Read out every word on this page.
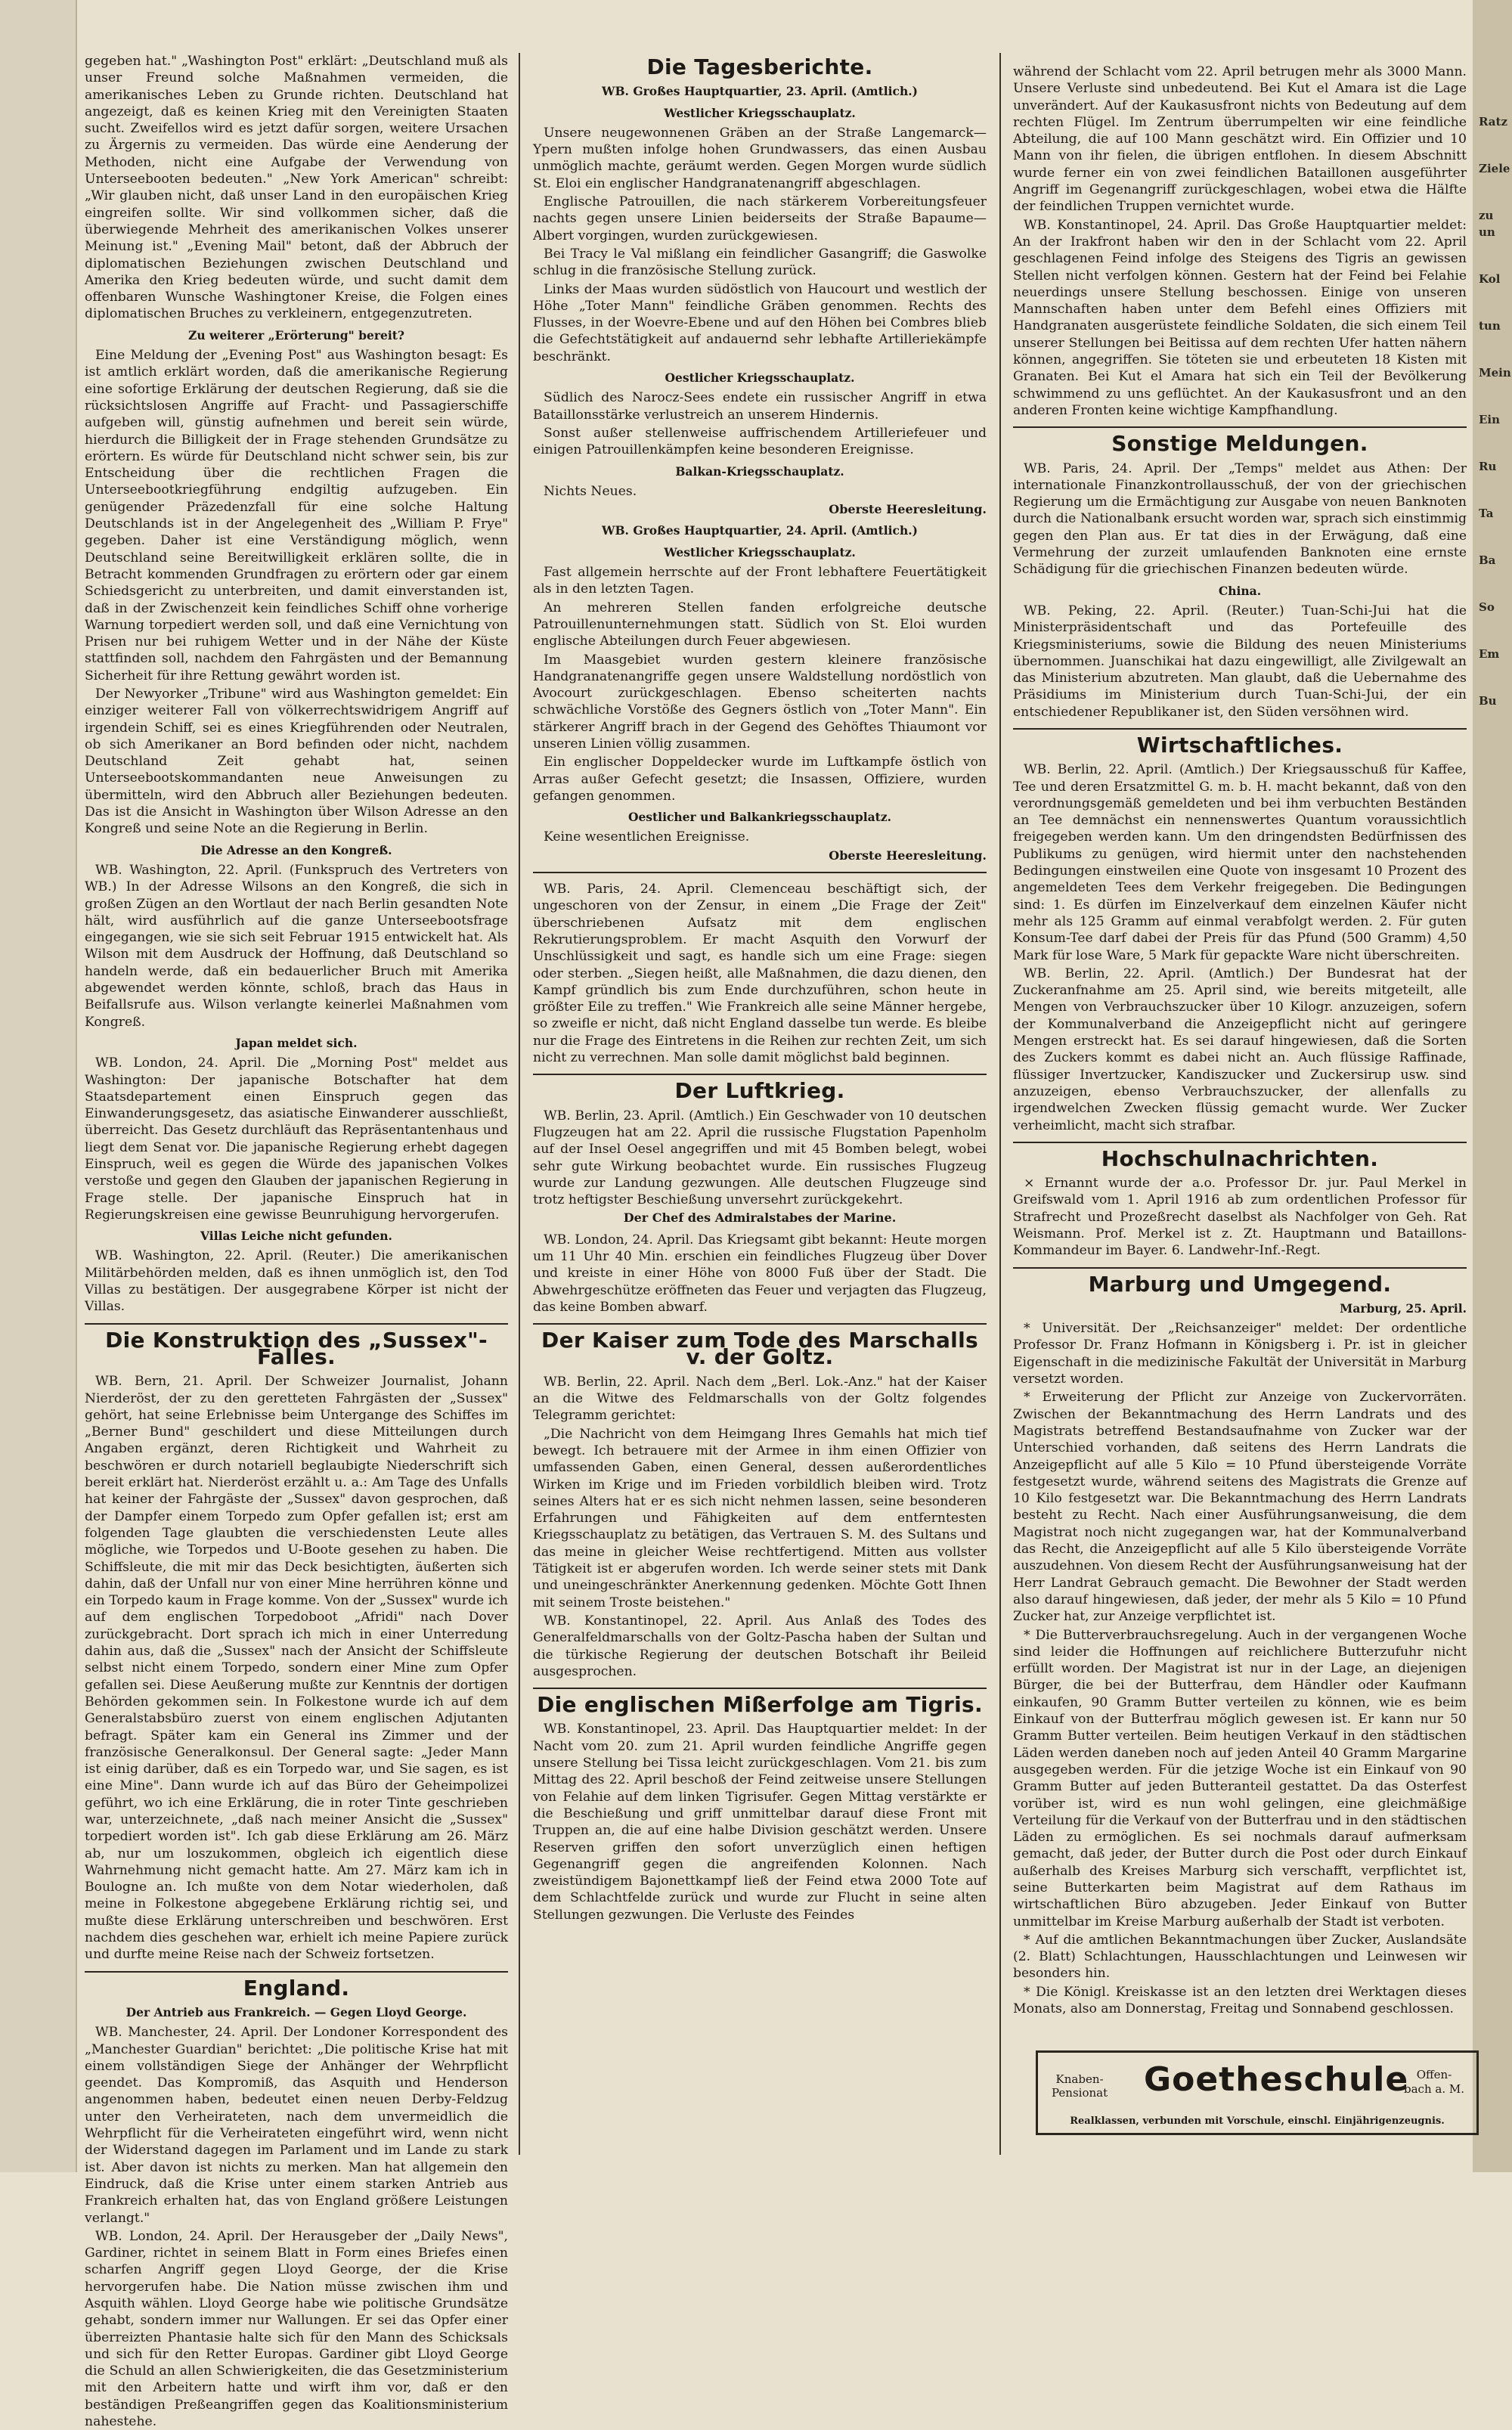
Ratz
Ziele
zu un
Kol
tun
Mein
Ein
Ru
Ta
Ba
So
Em
Bu

gegeben hat." „Washington Post" erklärt: „Deutschland muß als unser Freund solche Maßnahmen vermeiden, die amerikanisches Leben zu Grunde richten. Deutschland hat angezeigt, daß es keinen Krieg mit den Vereinigten Staaten sucht. Zweifellos wird es jetzt dafür sorgen, weitere Ursachen zu Ärgernis zu vermeiden. Das würde eine Aenderung der Methoden, nicht eine Aufgabe der Verwendung von Unterseebooten bedeuten." „New York American" schreibt: „Wir glauben nicht, daß unser Land in den europäischen Krieg eingreifen sollte. Wir sind vollkommen sicher, daß die überwiegende Mehrheit des amerikanischen Volkes unserer Meinung ist." „Evening Mail" betont, daß der Abbruch der diplomatischen Beziehungen zwischen Deutschland und Amerika den Krieg bedeuten würde, und sucht damit dem offenbaren Wunsche Washingtoner Kreise, die Folgen eines diplomatischen Bruches zu verkleinern, entgegenzutreten.

Zu weiterer „Erörterung" bereit?

Eine Meldung der „Evening Post" aus Washington besagt: Es ist amtlich erklärt worden, daß die amerikanische Regierung eine sofortige Erklärung der deutschen Regierung, daß sie die rücksichtslosen Angriffe auf Fracht- und Passagierschiffe aufgeben will, günstig aufnehmen und bereit sein würde, hierdurch die Billigkeit der in Frage stehenden Grundsätze zu erörtern. Es würde für Deutschland nicht schwer sein, bis zur Entscheidung über die rechtlichen Fragen die Unterseebootkriegführung endgiltig aufzugeben. Ein genügender Präzedenzfall für eine solche Haltung Deutschlands ist in der Angelegenheit des „William P. Frye" gegeben. Daher ist eine Verständigung möglich, wenn Deutschland seine Bereitwilligkeit erklären sollte, die in Betracht kommenden Grundfragen zu erörtern oder gar einem Schiedsgericht zu unterbreiten, und damit einverstanden ist, daß in der Zwischenzeit kein feindliches Schiff ohne vorherige Warnung torpediert werden soll, und daß eine Vernichtung von Prisen nur bei ruhigem Wetter und in der Nähe der Küste stattfinden soll, nachdem den Fahrgästen und der Bemannung Sicherheit für ihre Rettung gewährt worden ist.

Der Newyorker „Tribune" wird aus Washington gemeldet: Ein einziger weiterer Fall von völkerrechtswidrigem Angriff auf irgendein Schiff, sei es eines Kriegführenden oder Neutralen, ob sich Amerikaner an Bord befinden oder nicht, nachdem Deutschland Zeit gehabt hat, seinen Unterseebootskommandanten neue Anweisungen zu übermitteln, wird den Abbruch aller Beziehungen bedeuten. Das ist die Ansicht in Washington über Wilson Adresse an den Kongreß und seine Note an die Regierung in Berlin.

Die Adresse an den Kongreß.

WB. Washington, 22. April. (Funkspruch des Vertreters von WB.) In der Adresse Wilsons an den Kongreß, die sich in großen Zügen an den Wortlaut der nach Berlin gesandten Note hält, wird ausführlich auf die ganze Unterseebootsfrage eingegangen, wie sie sich seit Februar 1915 entwickelt hat. Als Wilson mit dem Ausdruck der Hoffnung, daß Deutschland so handeln werde, daß ein bedauerlicher Bruch mit Amerika abgewendet werden könnte, schloß, brach das Haus in Beifallsrufe aus. Wilson verlangte keinerlei Maßnahmen vom Kongreß.

Japan meldet sich.

WB. London, 24. April. Die „Morning Post" meldet aus Washington: Der japanische Botschafter hat dem Staatsdepartement einen Einspruch gegen das Einwanderungsgesetz, das asiatische Einwanderer ausschließt, überreicht. Das Gesetz durchläuft das Repräsentantenhaus und liegt dem Senat vor. Die japanische Regierung erhebt dagegen Einspruch, weil es gegen die Würde des japanischen Volkes verstoße und gegen den Glauben der japanischen Regierung in Frage stelle. Der japanische Einspruch hat in Regierungskreisen eine gewisse Beunruhigung hervorgerufen.

Villas Leiche nicht gefunden.

WB. Washington, 22. April. (Reuter.) Die amerikanischen Militärbehörden melden, daß es ihnen unmöglich ist, den Tod Villas zu bestätigen. Der ausgegrabene Körper ist nicht der Villas.

Die Konstruktion des „Sussex"-Falles.

WB. Bern, 21. April. Der Schweizer Journalist, Johann Nierderöst, der zu den geretteten Fahrgästen der „Sussex" gehört, hat seine Erlebnisse beim Untergange des Schiffes im „Berner Bund" geschildert und diese Mitteilungen durch Angaben ergänzt, deren Richtigkeit und Wahrheit zu beschwören er durch notariell beglaubigte Niederschrift sich bereit erklärt hat. Nierderöst erzählt u. a.: Am Tage des Unfalls hat keiner der Fahrgäste der „Sussex" davon gesprochen, daß der Dampfer einem Torpedo zum Opfer gefallen ist; erst am folgenden Tage glaubten die verschiedensten Leute alles mögliche, wie Torpedos und U-Boote gesehen zu haben. Die Schiffsleute, die mit mir das Deck besichtigten, äußerten sich dahin, daß der Unfall nur von einer Mine herrühren könne und ein Torpedo kaum in Frage komme. Von der „Sussex" wurde ich auf dem englischen Torpedoboot „Afridi" nach Dover zurückgebracht. Dort sprach ich mich in einer Unterredung dahin aus, daß die „Sussex" nach der Ansicht der Schiffsleute selbst nicht einem Torpedo, sondern einer Mine zum Opfer gefallen sei. Diese Aeußerung mußte zur Kenntnis der dortigen Behörden gekommen sein. In Folkestone wurde ich auf dem Generalstabsbüro zuerst von einem englischen Adjutanten befragt. Später kam ein General ins Zimmer und der französische Generalkonsul. Der General sagte: „Jeder Mann ist einig darüber, daß es ein Torpedo war, und Sie sagen, es ist eine Mine". Dann wurde ich auf das Büro der Geheimpolizei geführt, wo ich eine Erklärung, die in roter Tinte geschrieben war, unterzeichnete, „daß nach meiner Ansicht die „Sussex" torpediert worden ist". Ich gab diese Erklärung am 26. März ab, nur um loszukommen, obgleich ich eigentlich diese Wahrnehmung nicht gemacht hatte. Am 27. März kam ich in Boulogne an. Ich mußte von dem Notar wiederholen, daß meine in Folkestone abgegebene Erklärung richtig sei, und mußte diese Erklärung unterschreiben und beschwören. Erst nachdem dies geschehen war, erhielt ich meine Papiere zurück und durfte meine Reise nach der Schweiz fortsetzen.

England.
Der Antrieb aus Frankreich. — Gegen Lloyd George.

WB. Manchester, 24. April. Der Londoner Korrespondent des „Manchester Guardian" berichtet: „Die politische Krise hat mit einem vollständigen Siege der Anhänger der Wehrpflicht geendet. Das Kompromiß, das Asquith und Henderson angenommen haben, bedeutet einen neuen Derby-Feldzug unter den Verheirateten, nach dem unvermeidlich die Wehrpflicht für die Verheirateten eingeführt wird, wenn nicht der Widerstand dagegen im Parlament und im Lande zu stark ist. Aber davon ist nichts zu merken. Man hat allgemein den Eindruck, daß die Krise unter einem starken Antrieb aus Frankreich erhalten hat, das von England größere Leistungen verlangt."

WB. London, 24. April. Der Herausgeber der „Daily News", Gardiner, richtet in seinem Blatt in Form eines Briefes einen scharfen Angriff gegen Lloyd George, der die Krise hervorgerufen habe. Die Nation müsse zwischen ihm und Asquith wählen. Lloyd George habe wie politische Grundsätze gehabt, sondern immer nur Wallungen. Er sei das Opfer einer überreizten Phantasie halte sich für den Mann des Schicksals und sich für den Retter Europas. Gardiner gibt Lloyd George die Schuld an allen Schwierigkeiten, die das Gesetzministerium mit den Arbeitern hatte und wirft ihm vor, daß er den beständigen Preßeangriffen gegen das Koalitionsministerium nahestehe.

Die Tagesberichte.
WB. Großes Hauptquartier, 23. April. (Amtlich.)
Westlicher Kriegsschauplatz.

Unsere neugewonnenen Gräben an der Straße Langemarck—Ypern mußten infolge hohen Grundwassers, das einen Ausbau unmöglich machte, geräumt werden. Gegen Morgen wurde südlich St. Eloi ein englischer Handgranatenangriff abgeschlagen.

Englische Patrouillen, die nach stärkerem Vorbereitungsfeuer nachts gegen unsere Linien beiderseits der Straße Bapaume—Albert vorgingen, wurden zurückgewiesen.

Bei Tracy le Val mißlang ein feindlicher Gasangriff; die Gaswolke schlug in die französische Stellung zurück.

Links der Maas wurden südöstlich von Haucourt und westlich der Höhe „Toter Mann" feindliche Gräben genommen. Rechts des Flusses, in der Woevre-Ebene und auf den Höhen bei Combres blieb die Gefechtstätigkeit auf andauernd sehr lebhafte Artilleriekämpfe beschränkt.

Oestlicher Kriegsschauplatz.

Südlich des Narocz-Sees endete ein russischer Angriff in etwa Bataillonsstärke verlustreich an unserem Hindernis.

Sonst außer stellenweise auffrischendem Artilleriefeuer und einigen Patrouillenkämpfen keine besonderen Ereignisse.

Balkan-Kriegsschauplatz.

Nichts Neues.

Oberste Heeresleitung.
WB. Großes Hauptquartier, 24. April. (Amtlich.)
Westlicher Kriegsschauplatz.

Fast allgemein herrschte auf der Front lebhaftere Feuertätigkeit als in den letzten Tagen.

An mehreren Stellen fanden erfolgreiche deutsche Patrouillenunternehmungen statt. Südlich von St. Eloi wurden englische Abteilungen durch Feuer abgewiesen.

Im Maasgebiet wurden gestern kleinere französische Handgranatenangriffe gegen unsere Waldstellung nordöstlich von Avocourt zurückgeschlagen. Ebenso scheiterten nachts schwächliche Vorstöße des Gegners östlich von „Toter Mann". Ein stärkerer Angriff brach in der Gegend des Gehöftes Thiaumont vor unseren Linien völlig zusammen.

Ein englischer Doppeldecker wurde im Luftkampfe östlich von Arras außer Gefecht gesetzt; die Insassen, Offiziere, wurden gefangen genommen.

Oestlicher und Balkankriegsschauplatz.

Keine wesentlichen Ereignisse.

Oberste Heeresleitung.

WB. Paris, 24. April. Clemenceau beschäftigt sich, der ungeschoren von der Zensur, in einem „Die Frage der Zeit" überschriebenen Aufsatz mit dem englischen Rekrutierungsproblem. Er macht Asquith den Vorwurf der Unschlüssigkeit und sagt, es handle sich um eine Frage: siegen oder sterben. „Siegen heißt, alle Maßnahmen, die dazu dienen, den Kampf gründlich bis zum Ende durchzuführen, schon heute in größter Eile zu treffen." Wie Frankreich alle seine Männer hergebe, so zweifle er nicht, daß nicht England dasselbe tun werde. Es bleibe nur die Frage des Eintretens in die Reihen zur rechten Zeit, um sich nicht zu verrechnen. Man solle damit möglichst bald beginnen.

Der Luftkrieg.

WB. Berlin, 23. April. (Amtlich.) Ein Geschwader von 10 deutschen Flugzeugen hat am 22. April die russische Flugstation Papenholm auf der Insel Oesel angegriffen und mit 45 Bomben belegt, wobei sehr gute Wirkung beobachtet wurde. Ein russisches Flugzeug wurde zur Landung gezwungen. Alle deutschen Flugzeuge sind trotz heftigster Beschießung unversehrt zurückgekehrt.

Der Chef des Admiralstabes der Marine.

WB. London, 24. April. Das Kriegsamt gibt bekannt: Heute morgen um 11 Uhr 40 Min. erschien ein feindliches Flugzeug über Dover und kreiste in einer Höhe von 8000 Fuß über der Stadt. Die Abwehrgeschütze eröffneten das Feuer und verjagten das Flugzeug, das keine Bomben abwarf.

Der Kaiser zum Tode des Marschalls v. der Goltz.

WB. Berlin, 22. April. Nach dem „Berl. Lok.-Anz." hat der Kaiser an die Witwe des Feldmarschalls von der Goltz folgendes Telegramm gerichtet:

„Die Nachricht von dem Heimgang Ihres Gemahls hat mich tief bewegt. Ich betrauere mit der Armee in ihm einen Offizier von umfassenden Gaben, einen General, dessen außerordentliches Wirken im Krige und im Frieden vorbildlich bleiben wird. Trotz seines Alters hat er es sich nicht nehmen lassen, seine besonderen Erfahrungen und Fähigkeiten auf dem entferntesten Kriegsschauplatz zu betätigen, das Vertrauen S. M. des Sultans und das meine in gleicher Weise rechtfertigend. Mitten aus vollster Tätigkeit ist er abgerufen worden. Ich werde seiner stets mit Dank und uneingeschränkter Anerkennung gedenken. Möchte Gott Ihnen mit seinem Troste beistehen."

WB. Konstantinopel, 22. April. Aus Anlaß des Todes des Generalfeldmarschalls von der Goltz-Pascha haben der Sultan und die türkische Regierung der deutschen Botschaft ihr Beileid ausgesprochen.

Die englischen Mißerfolge am Tigris.

WB. Konstantinopel, 23. April. Das Hauptquartier meldet: In der Nacht vom 20. zum 21. April wurden feindliche Angriffe gegen unsere Stellung bei Tissa leicht zurückgeschlagen. Vom 21. bis zum Mittag des 22. April beschoß der Feind zeitweise unsere Stellungen von Felahie auf dem linken Tigrisufer. Gegen Mittag verstärkte er die Beschießung und griff unmittelbar darauf diese Front mit Truppen an, die auf eine halbe Division geschätzt werden. Unsere Reserven griffen den sofort unverzüglich einen heftigen Gegenangriff gegen die angreifenden Kolonnen. Nach zweistündigem Bajonettkampf ließ der Feind etwa 2000 Tote auf dem Schlachtfelde zurück und wurde zur Flucht in seine alten Stellungen gezwungen. Die Verluste des Feindes

während der Schlacht vom 22. April betrugen mehr als 3000 Mann. Unsere Verluste sind unbedeutend. Bei Kut el Amara ist die Lage unverändert. Auf der Kaukasusfront nichts von Bedeutung auf dem rechten Flügel. Im Zentrum überrumpelten wir eine feindliche Abteilung, die auf 100 Mann geschätzt wird. Ein Offizier und 10 Mann von ihr fielen, die übrigen entflohen. In diesem Abschnitt wurde ferner ein von zwei feindlichen Bataillonen ausgeführter Angriff im Gegenangriff zurückgeschlagen, wobei etwa die Hälfte der feindlichen Truppen vernichtet wurde.

WB. Konstantinopel, 24. April. Das Große Hauptquartier meldet: An der Irakfront haben wir den in der Schlacht vom 22. April geschlagenen Feind infolge des Steigens des Tigris an gewissen Stellen nicht verfolgen können. Gestern hat der Feind bei Felahie neuerdings unsere Stellung beschossen. Einige von unseren Mannschaften haben unter dem Befehl eines Offiziers mit Handgranaten ausgerüstete feindliche Soldaten, die sich einem Teil unserer Stellungen bei Beitissa auf dem rechten Ufer hatten nähern können, angegriffen. Sie töteten sie und erbeuteten 18 Kisten mit Granaten. Bei Kut el Amara hat sich ein Teil der Bevölkerung schwimmend zu uns geflüchtet. An der Kaukasusfront und an den anderen Fronten keine wichtige Kampfhandlung.

Sonstige Meldungen.

WB. Paris, 24. April. Der „Temps" meldet aus Athen: Der internationale Finanzkontrollausschuß, der von der griechischen Regierung um die Ermächtigung zur Ausgabe von neuen Banknoten durch die Nationalbank ersucht worden war, sprach sich einstimmig gegen den Plan aus. Er tat dies in der Erwägung, daß eine Vermehrung der zurzeit umlaufenden Banknoten eine ernste Schädigung für die griechischen Finanzen bedeuten würde.

China.

WB. Peking, 22. April. (Reuter.) Tuan-Schi-Jui hat die Ministerpräsidentschaft und das Portefeuille des Kriegsministeriums, sowie die Bildung des neuen Ministeriums übernommen. Juanschikai hat dazu eingewilligt, alle Zivilgewalt an das Ministerium abzutreten. Man glaubt, daß die Uebernahme des Präsidiums im Ministerium durch Tuan-Schi-Jui, der ein entschiedener Republikaner ist, den Süden versöhnen wird.

Wirtschaftliches.

WB. Berlin, 22. April. (Amtlich.) Der Kriegsausschuß für Kaffee, Tee und deren Ersatzmittel G. m. b. H. macht bekannt, daß von den verordnungsgemäß gemeldeten und bei ihm verbuchten Beständen an Tee demnächst ein nennenswertes Quantum voraussichtlich freigegeben werden kann. Um den dringendsten Bedürfnissen des Publikums zu genügen, wird hiermit unter den nachstehenden Bedingungen einstweilen eine Quote von insgesamt 10 Prozent des angemeldeten Tees dem Verkehr freigegeben. Die Bedingungen sind: 1. Es dürfen im Einzelverkauf dem einzelnen Käufer nicht mehr als 125 Gramm auf einmal verabfolgt werden. 2. Für guten Konsum-Tee darf dabei der Preis für das Pfund (500 Gramm) 4,50 Mark für lose Ware, 5 Mark für gepackte Ware nicht überschreiten.

WB. Berlin, 22. April. (Amtlich.) Der Bundesrat hat der Zuckeranfnahme am 25. April sind, wie bereits mitgeteilt, alle Mengen von Verbrauchszucker über 10 Kilogr. anzuzeigen, sofern der Kommunalverband die Anzeigepflicht nicht auf geringere Mengen erstreckt hat. Es sei darauf hingewiesen, daß die Sorten des Zuckers kommt es dabei nicht an. Auch flüssige Raffinade, flüssiger Invertzucker, Kandiszucker und Zuckersirup usw. sind anzuzeigen, ebenso Verbrauchszucker, der allenfalls zu irgendwelchen Zwecken flüssig gemacht wurde. Wer Zucker verheimlicht, macht sich strafbar.

Hochschulnachrichten.

× Ernannt wurde der a.o. Professor Dr. jur. Paul Merkel in Greifswald vom 1. April 1916 ab zum ordentlichen Professor für Strafrecht und Prozeßrecht daselbst als Nachfolger von Geh. Rat Weismann. Prof. Merkel ist z. Zt. Hauptmann und Bataillons-Kommandeur im Bayer. 6. Landwehr-Inf.-Regt.

Marburg und Umgegend.
Marburg, 25. April.

* Universität. Der „Reichsanzeiger" meldet: Der ordentliche Professor Dr. Franz Hofmann in Königsberg i. Pr. ist in gleicher Eigenschaft in die medizinische Fakultät der Universität in Marburg versetzt worden.

* Erweiterung der Pflicht zur Anzeige von Zuckervorräten. Zwischen der Bekanntmachung des Herrn Landrats und des Magistrats betreffend Bestandsaufnahme von Zucker war der Unterschied vorhanden, daß seitens des Herrn Landrats die Anzeigepflicht auf alle 5 Kilo = 10 Pfund übersteigende Vorräte festgesetzt wurde, während seitens des Magistrats die Grenze auf 10 Kilo festgesetzt war. Die Bekanntmachung des Herrn Landrats besteht zu Recht. Nach einer Ausführungsanweisung, die dem Magistrat noch nicht zugegangen war, hat der Kommunalverband das Recht, die Anzeigepflicht auf alle 5 Kilo übersteigende Vorräte auszudehnen. Von diesem Recht der Ausführungsanweisung hat der Herr Landrat Gebrauch gemacht. Die Bewohner der Stadt werden also darauf hingewiesen, daß jeder, der mehr als 5 Kilo = 10 Pfund Zucker hat, zur Anzeige verpflichtet ist.

* Die Butterverbrauchsregelung. Auch in der vergangenen Woche sind leider die Hoffnungen auf reichlichere Butterzufuhr nicht erfüllt worden. Der Magistrat ist nur in der Lage, an diejenigen Bürger, die bei der Butterfrau, dem Händler oder Kaufmann einkaufen, 90 Gramm Butter verteilen zu können, wie es beim Einkauf von der Butterfrau möglich gewesen ist. Er kann nur 50 Gramm Butter verteilen. Beim heutigen Verkauf in den städtischen Läden werden daneben noch auf jeden Anteil 40 Gramm Margarine ausgegeben werden. Für die jetzige Woche ist ein Einkauf von 90 Gramm Butter auf jeden Butteranteil gestattet. Da das Osterfest vorüber ist, wird es nun wohl gelingen, eine gleichmäßige Verteilung für die Verkauf von der Butterfrau und in den städtischen Läden zu ermöglichen. Es sei nochmals darauf aufmerksam gemacht, daß jeder, der Butter durch die Post oder durch Einkauf außerhalb des Kreises Marburg sich verschafft, verpflichtet ist, seine Butterkarten beim Magistrat auf dem Rathaus im wirtschaftlichen Büro abzugeben. Jeder Einkauf von Butter unmittelbar im Kreise Marburg außerhalb der Stadt ist verboten.

* Auf die amtlichen Bekanntmachungen über Zucker, Auslandsäte (2. Blatt) Schlachtungen, Hausschlachtungen und Leinwesen wir besonders hin.

* Die Königl. Kreiskasse ist an den letzten drei Werktagen dieses Monats, also am Donnerstag, Freitag und Sonnabend geschlossen.

Knaben-
Pensionat Goetheschule Offen-
bach a. M.
Realklassen, verbunden mit Vorschule, einschl. Einjährigenzeugnis.
